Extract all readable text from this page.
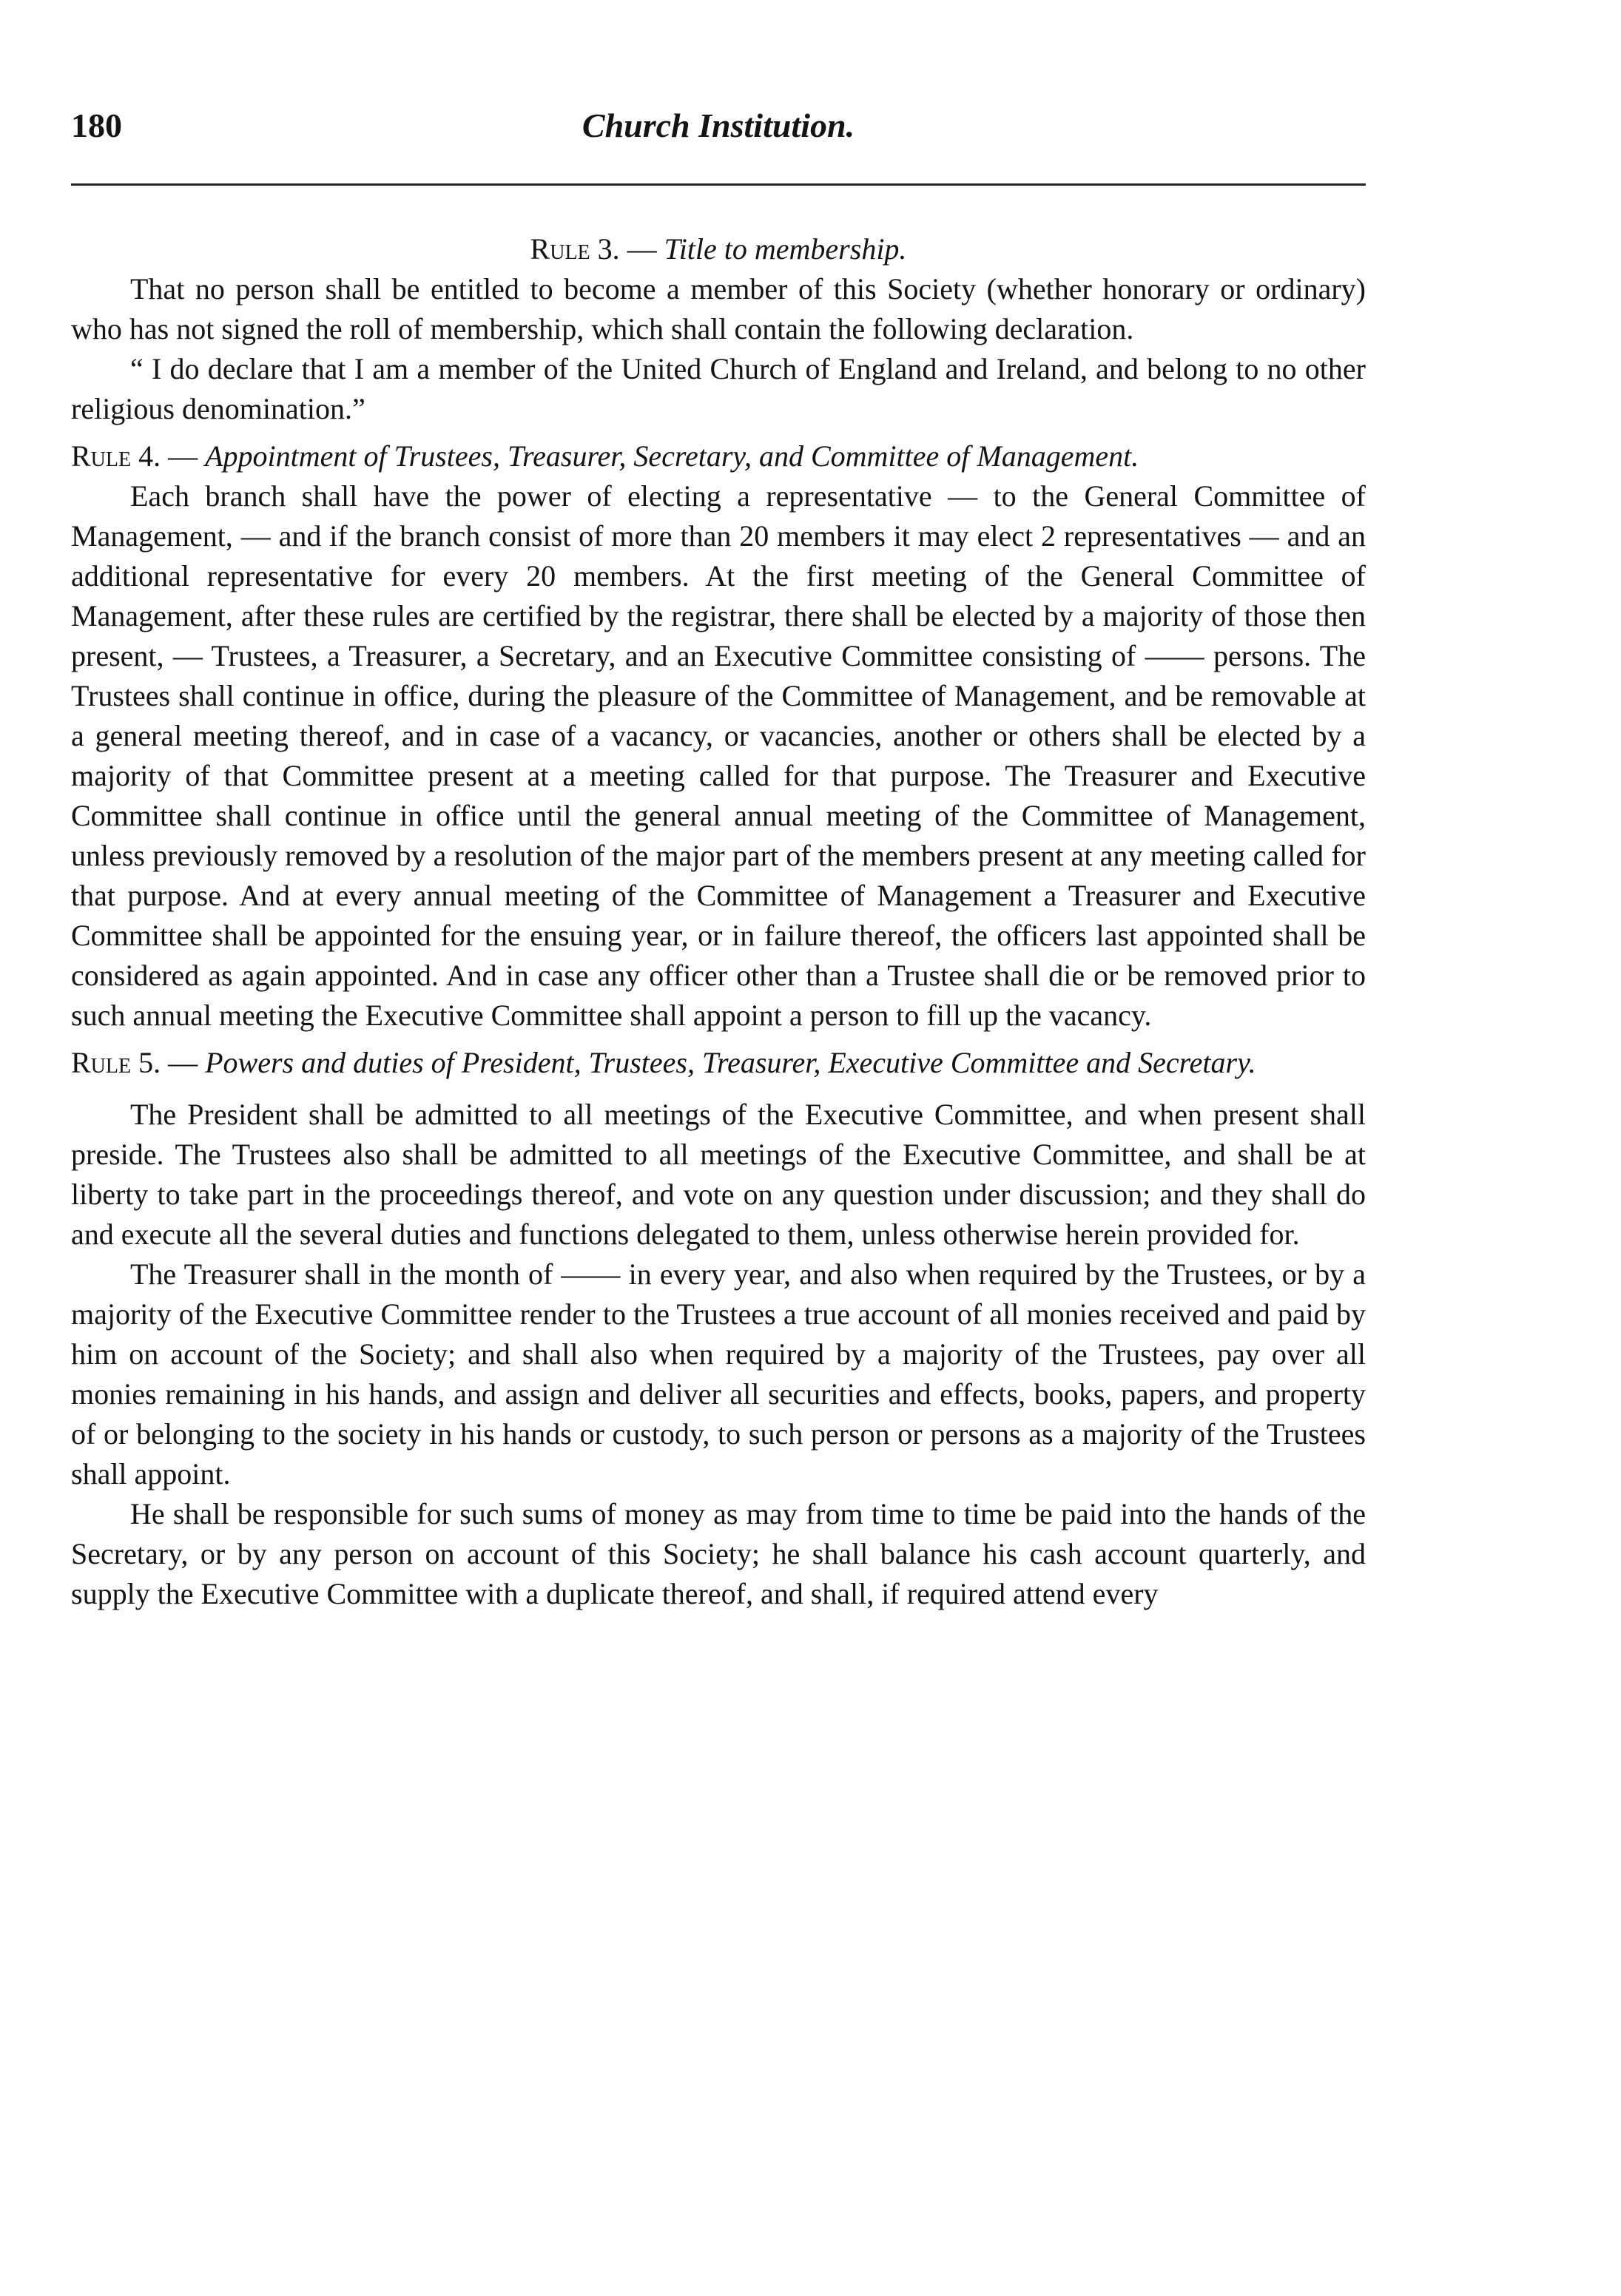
180	Church Institution.

Rule 3. — Title to membership.

That no person shall be entitled to become a member of this Society (whether honorary or ordinary) who has not signed the roll of membership, which shall contain the following declaration.

“ I do declare that I am a member of the United Church of England and Ireland, and belong to no other religious denomination.”

Rule 4. — Appointment of Trustees, Treasurer, Secretary, and Committee of Management.

Each branch shall have the power of electing a representative — to the General Committee of Management, — and if the branch consist of more than 20 members it may elect 2 representatives — and an additional representative for every 20 members. At the first meeting of the General Committee of Management, after these rules are certified by the registrar, there shall be elected by a majority of those then present, — Trustees, a Treasurer, a Secretary, and an Executive Committee consisting of —— persons. The Trustees shall continue in office, during the pleasure of the Committee of Management, and be removable at a general meeting thereof, and in case of a vacancy, or vacancies, another or others shall be elected by a majority of that Committee present at a meeting called for that purpose. The Treasurer and Executive Committee shall continue in office until the general annual meeting of the Committee of Management, unless previously removed by a resolution of the major part of the members present at any meeting called for that purpose. And at every annual meeting of the Committee of Management a Treasurer and Executive Committee shall be appointed for the ensuing year, or in failure thereof, the officers last appointed shall be considered as again appointed. And in case any officer other than a Trustee shall die or be removed prior to such annual meeting the Executive Committee shall appoint a person to fill up the vacancy.

Rule 5. — Powers and duties of President, Trustees, Treasurer, Executive Committee and Secretary.

The President shall be admitted to all meetings of the Executive Committee, and when present shall preside. The Trustees also shall be admitted to all meetings of the Executive Committee, and shall be at liberty to take part in the proceedings thereof, and vote on any question under discussion; and they shall do and execute all the several duties and functions delegated to them, unless otherwise herein provided for.

The Treasurer shall in the month of —— in every year, and also when required by the Trustees, or by a majority of the Executive Committee render to the Trustees a true account of all monies received and paid by him on account of the Society; and shall also when required by a majority of the Trustees, pay over all monies remaining in his hands, and assign and deliver all securities and effects, books, papers, and property of or belonging to the society in his hands or custody, to such person or persons as a majority of the Trustees shall appoint.

He shall be responsible for such sums of money as may from time to time be paid into the hands of the Secretary, or by any person on account of this Society; he shall balance his cash account quarterly, and supply the Executive Committee with a duplicate thereof, and shall, if required attend every
